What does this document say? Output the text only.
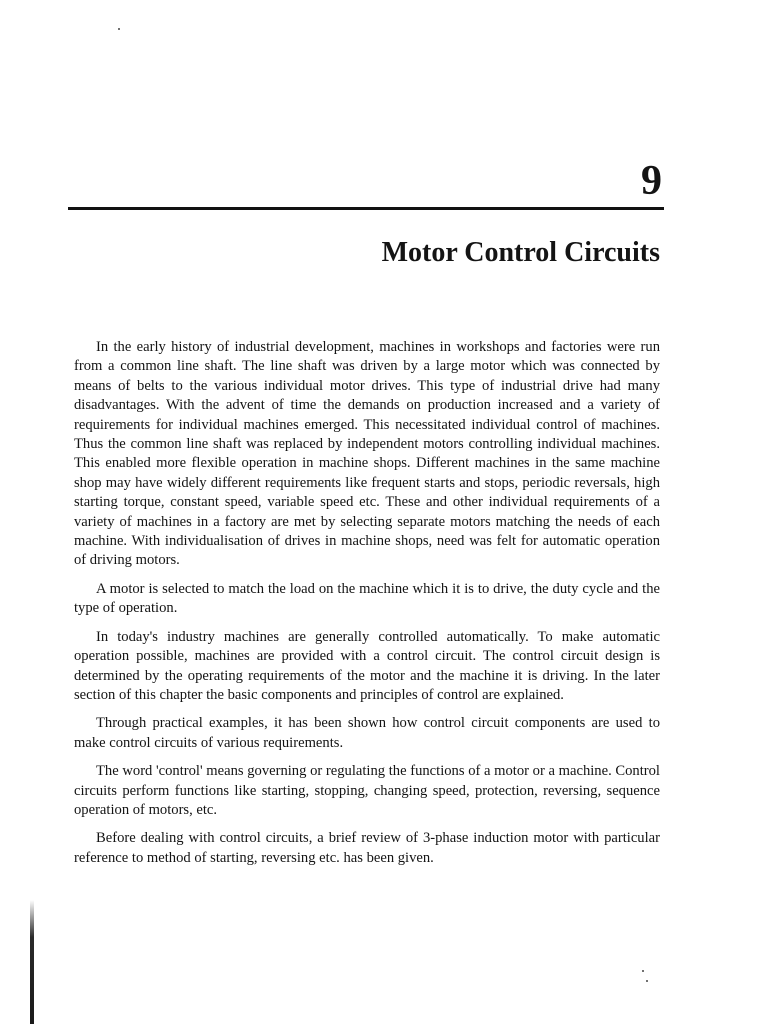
9
Motor Control Circuits

In the early history of industrial development, machines in workshops and factories were run from a common line shaft. The line shaft was driven by a large motor which was connected by means of belts to the various individual motor drives. This type of industrial drive had many disadvantages. With the advent of time the demands on production increased and a variety of requirements for individual machines emerged. This necessitated individual control of machines. Thus the common line shaft was replaced by independent motors controlling individual machines. This enabled more flexible operation in machine shops. Different machines in the same machine shop may have widely different requirements like frequent starts and stops, periodic reversals, high starting torque, constant speed, variable speed etc. These and other individual requirements of a variety of machines in a factory are met by selecting separate motors matching the needs of each machine. With individualisation of drives in machine shops, need was felt for automatic operation of driving motors.

A motor is selected to match the load on the machine which it is to drive, the duty cycle and the type of operation.

In today's industry machines are generally controlled automatically. To make automatic operation possible, machines are provided with a control circuit. The control circuit design is determined by the operating requirements of the motor and the machine it is driving. In the later section of this chapter the basic components and principles of control are explained.

Through practical examples, it has been shown how control circuit components are used to make control circuits of various requirements.

The word 'control' means governing or regulating the functions of a motor or a machine. Control circuits perform functions like starting, stopping, changing speed, protection, reversing, sequence operation of motors, etc.

Before dealing with control circuits, a brief review of 3-phase induction motor with particular reference to method of starting, reversing etc. has been given.
